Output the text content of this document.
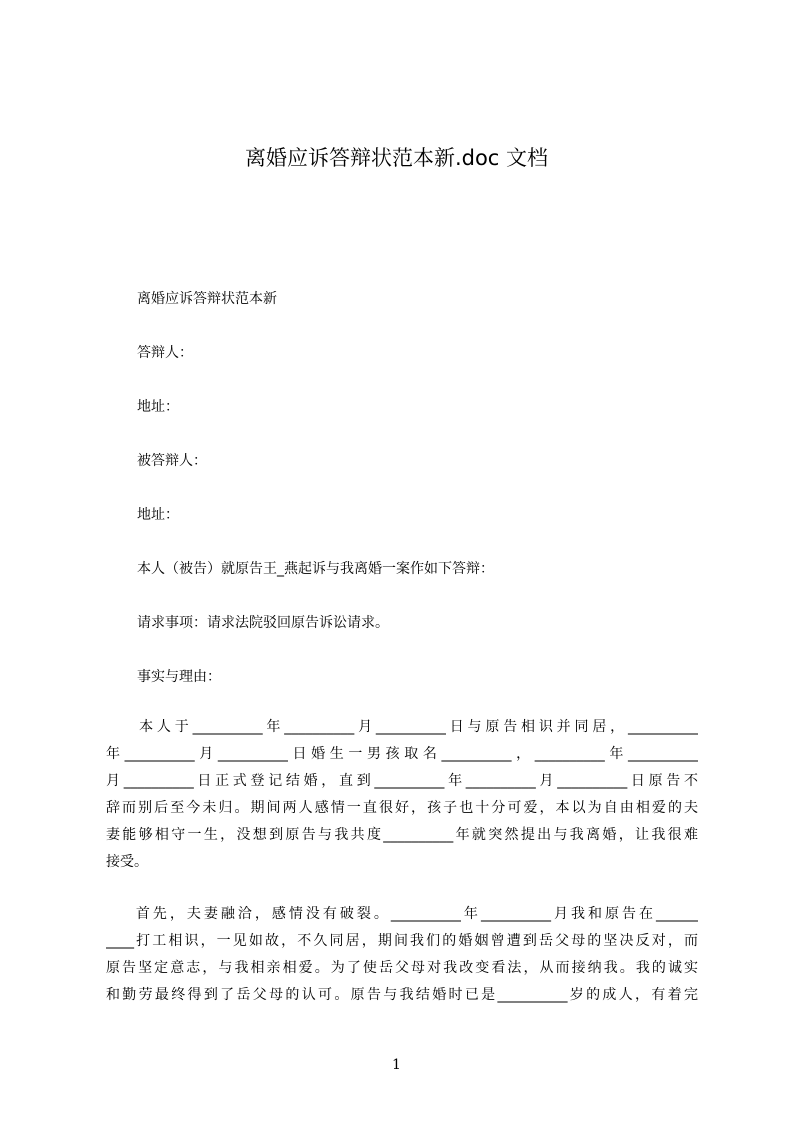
离婚应诉答辩状范本新.doc 文档
离婚应诉答辩状范本新
答辩人：
地址：
被答辩人：
地址：
本人（被告）就原告王_燕起诉与我离婚一案作如下答辩：
请求事项：请求法院驳回原告诉讼请求。
事实与理由：
本人于__________年__________月__________日与原告相识并同居，__________
年__________月__________日婚生一男孩取名__________，__________年__________
月__________日正式登记结婚，直到__________年__________月__________日原告不
辞而别后至今未归。期间两人感情一直很好，孩子也十分可爱，本以为自由相爱的夫
妻能够相守一生，没想到原告与我共度__________年就突然提出与我离婚，让我很难
接受。
首先，夫妻融洽，感情没有破裂。__________年__________月我和原告在______
____打工相识，一见如故，不久同居，期间我们的婚姻曾遭到岳父母的坚决反对，而
原告坚定意志，与我相亲相爱。为了使岳父母对我改变看法，从而接纳我。我的诚实
和勤劳最终得到了岳父母的认可。原告与我结婚时已是__________岁的成人，有着完
1
